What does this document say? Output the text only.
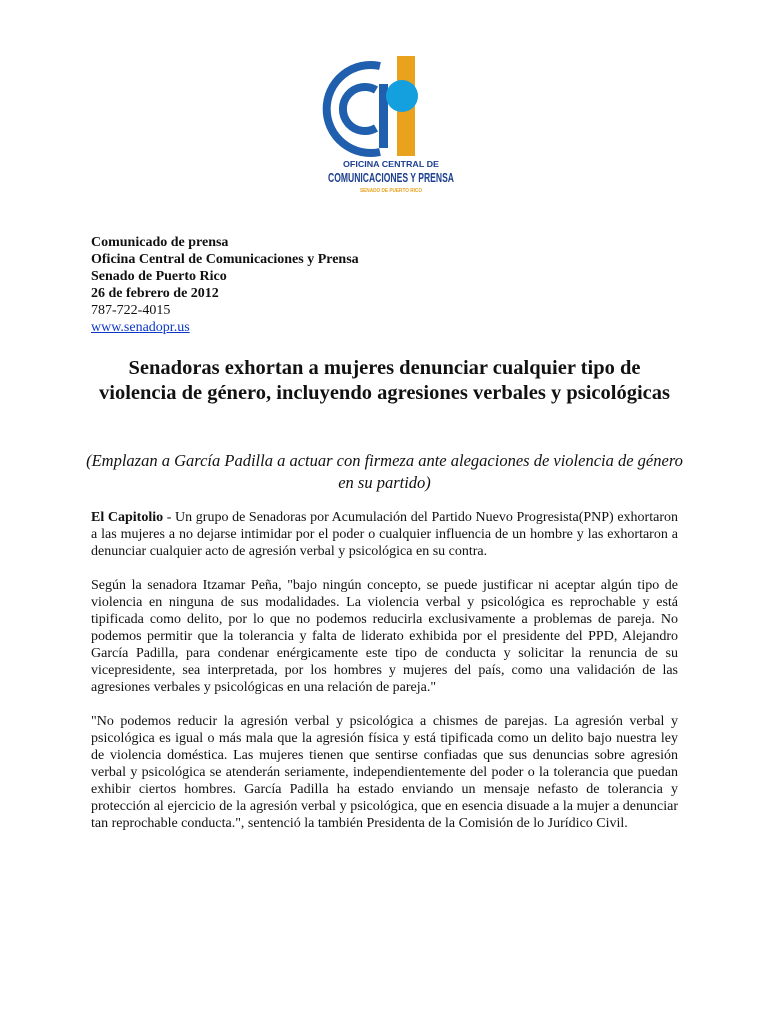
OFICINA CENTRAL DE
COMUNICACIONES Y PRENSA
SENADO DE PUERTO RICO
Comunicado de prensa
Oficina Central de Comunicaciones y Prensa
Senado de Puerto Rico
26 de febrero de 2012
787-722-4015
www.senadopr.us
Senadoras exhortan a mujeres denunciar cualquier tipo de violencia de género, incluyendo agresiones verbales y psicológicas
(Emplazan a García Padilla a actuar con firmeza ante alegaciones de violencia de género en su partido)
El Capitolio - Un grupo de Senadoras por Acumulación del Partido Nuevo Progresista(PNP) exhortaron a las mujeres a no dejarse intimidar por el poder o cualquier influencia de un hombre y las exhortaron a denunciar cualquier acto de agresión verbal y psicológica en su contra.
Según la senadora Itzamar Peña, "bajo ningún concepto, se puede justificar ni aceptar algún tipo de violencia en ninguna de sus modalidades. La violencia verbal y psicológica es reprochable y está tipificada como delito, por lo que no podemos reducirla exclusivamente a problemas de pareja. No podemos permitir que la tolerancia y falta de liderato exhibida por el presidente del PPD, Alejandro García Padilla, para condenar enérgicamente este tipo de conducta y solicitar la renuncia de su vicepresidente, sea interpretada, por los hombres y mujeres del país, como una validación de las agresiones verbales y psicológicas en una relación de pareja."
"No podemos reducir la agresión verbal y psicológica a chismes de parejas. La agresión verbal y psicológica es igual o más mala que la agresión física y está tipificada como un delito bajo nuestra ley de violencia doméstica. Las mujeres tienen que sentirse confiadas que sus denuncias sobre agresión verbal y psicológica se atenderán seriamente, independientemente del poder o la tolerancia que puedan exhibir ciertos hombres. García Padilla ha estado enviando un mensaje nefasto de tolerancia y protección al ejercicio de la agresión verbal y psicológica, que en esencia disuade a la mujer a denunciar tan reprochable conducta.", sentenció la también Presidenta de la Comisión de lo Jurídico Civil.
